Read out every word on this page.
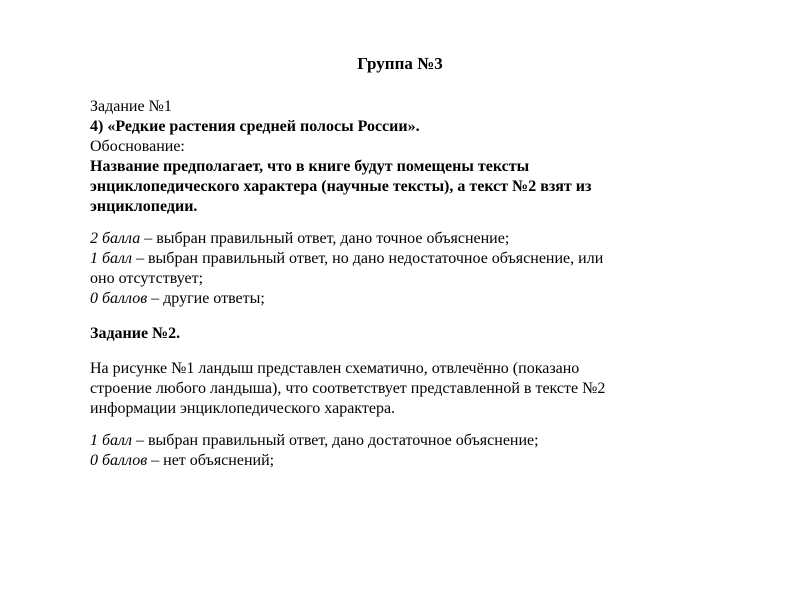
Группа №3
Задание №1
4) «Редкие растения средней полосы России».
Обоснование:
Название предполагает, что в книге будут помещены тексты
энциклопедического характера (научные тексты), а текст №2 взят из
энциклопедии.
2 балла – выбран правильный ответ, дано точное объяснение;
1 балл – выбран правильный ответ, но дано недостаточное объяснение, или
оно отсутствует;
0 баллов – другие ответы;
Задание №2.
На рисунке №1 ландыш представлен схематично, отвлечённо (показано
строение любого ландыша), что соответствует представленной в тексте №2
информации энциклопедического характера.
1 балл – выбран правильный ответ, дано достаточное объяснение;
0 баллов – нет объяснений;
